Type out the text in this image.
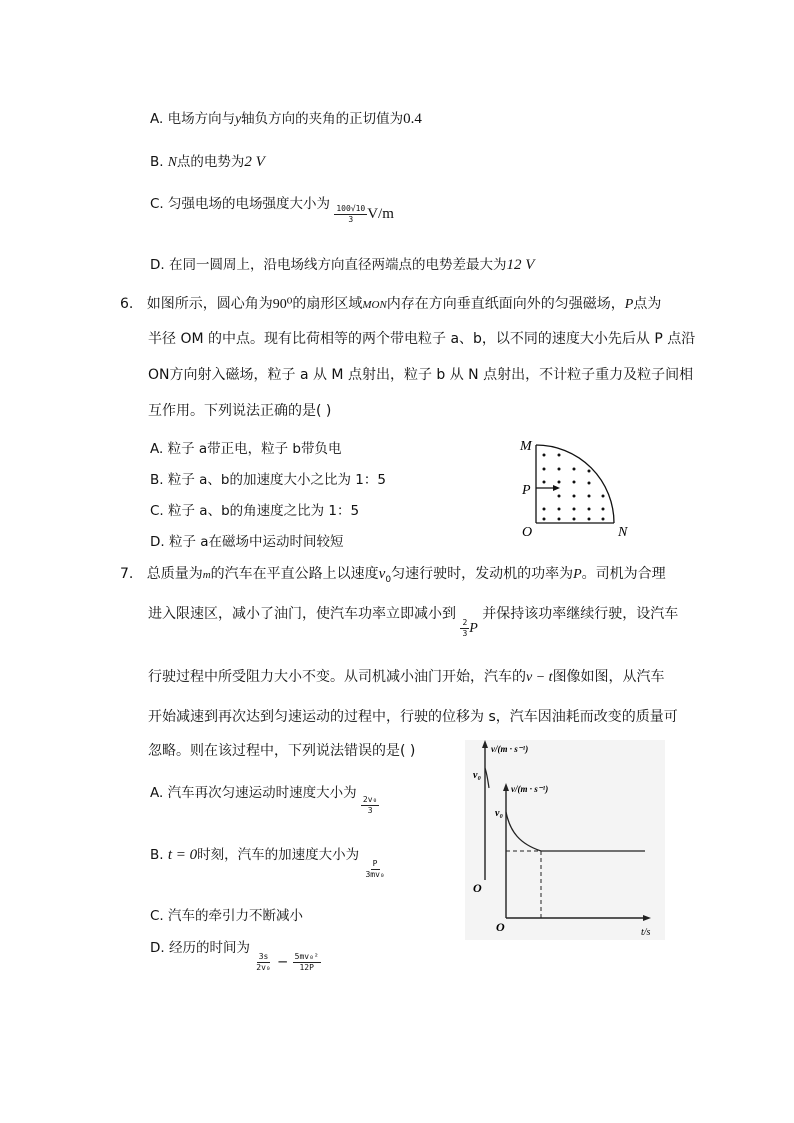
A. 电场方向与y轴负方向的夹角的正切值为0.4
B. N点的电势为2 V
C. 匀强电场的电场强度大小为 $\frac{100√10}{3} V/m$
D. 在同一圆周上，沿电场线方向直径两端点的电势差最大为12 V
6. 如图所示，圆心角为90⁰的扇形区域MON内存在方向垂直纸面向外的匀强磁场，P点为
半径 OM 的中点。现有比荷相等的两个带电粒子 a、b，以不同的速度大小先后从 P 点沿
ON方向射入磁场，粒子 a 从 M 点射出，粒子 b 从 N 点射出，不计粒子重力及粒子间相
互作用。下列说法正确的是( )
A. 粒子 a带正电，粒子 b带负电
B. 粒子 a、b的加速度大小之比为 1：5
C. 粒子 a、b的角速度之比为 1：5
D. 粒子 a在磁场中运动时间较短
M
P
O	N
7. 总质量为m的汽车在平直公路上以速度$v_0$匀速行驶时，发动机的功率为P。司机为合理
进入限速区，减小了油门，使汽车功率立即减小到
$\frac{2}{3}$ P 并保持该功率继续行驶，设汽车
行驶过程中所受阻力大小不变。从司机减小油门开始，汽车的v − t图像如图，从汽车
开始减速到再次达到匀速运动的过程中，行驶的位移为 s，汽车因油耗而改变的质量可
忽略。则在该过程中，下列说法错误的是( )
A. 汽车再次匀速运动时速度大小为
$\frac{\text{2v₀}}{3}$
B. t = 0时刻，汽车的加速度大小为
$\frac{P}{\text{3mv₀}}$
C. 汽车的牵引力不断减小
D. 经历的时间为
$\frac{3s}{\text{2v₀}} - \frac{\text{5mv₀²}}{12P}$
v/(m · s⁻¹)
v₀
O
v/(m · s⁻¹)
v₀
O	t/s
